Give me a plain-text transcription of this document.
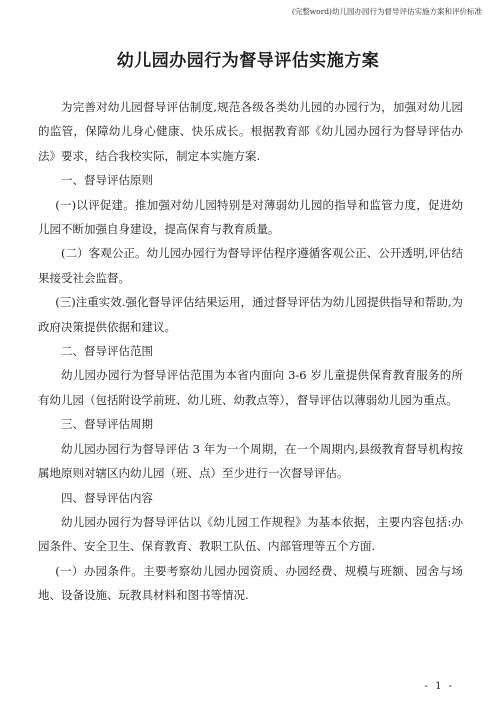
(完整word)幼儿园办园行为督导评估实施方案和评价标准
幼儿园办园行为督导评估实施方案

为完善对幼儿园督导评估制度,规范各级各类幼儿园的办园行为，加强对幼儿园的监管，保障幼儿身心健康、快乐成长。根据教育部《幼儿园办园行为督导评估办法》要求，结合我校实际，制定本实施方案.

一、督导评估原则

(一)以评促建。推加强对幼儿园特别是对薄弱幼儿园的指导和监管力度，促进幼儿园不断加强自身建设，提高保育与教育质量。

(二）客观公正。幼儿园办园行为督导评估程序遵循客观公正、公开透明,评估结果接受社会监督。

(三)注重实效.强化督导评估结果运用，通过督导评估为幼儿园提供指导和帮助,为政府决策提供依据和建议。

二、督导评估范围

幼儿园办园行为督导评估范围为本省内面向 3-6 岁儿童提供保育教育服务的所有幼儿园（包括附设学前班、幼儿班、幼教点等），督导评估以薄弱幼儿园为重点。

三、督导评估周期

幼儿园办园行为督导评估 3 年为一个周期，在一个周期内,县级教育督导机构按属地原则对辖区内幼儿园（班、点）至少进行一次督导评估。

四、督导评估内容

幼儿园办园行为督导评估以《幼儿园工作规程》为基本依据，主要内容包括:办园条件、安全卫生、保育教育、教职工队伍、内部管理等五个方面.

(一）办园条件。主要考察幼儿园办园资质、办园经费、规模与班额、园舍与场地、设备设施、玩教具材料和图书等情况.

- 1 -
